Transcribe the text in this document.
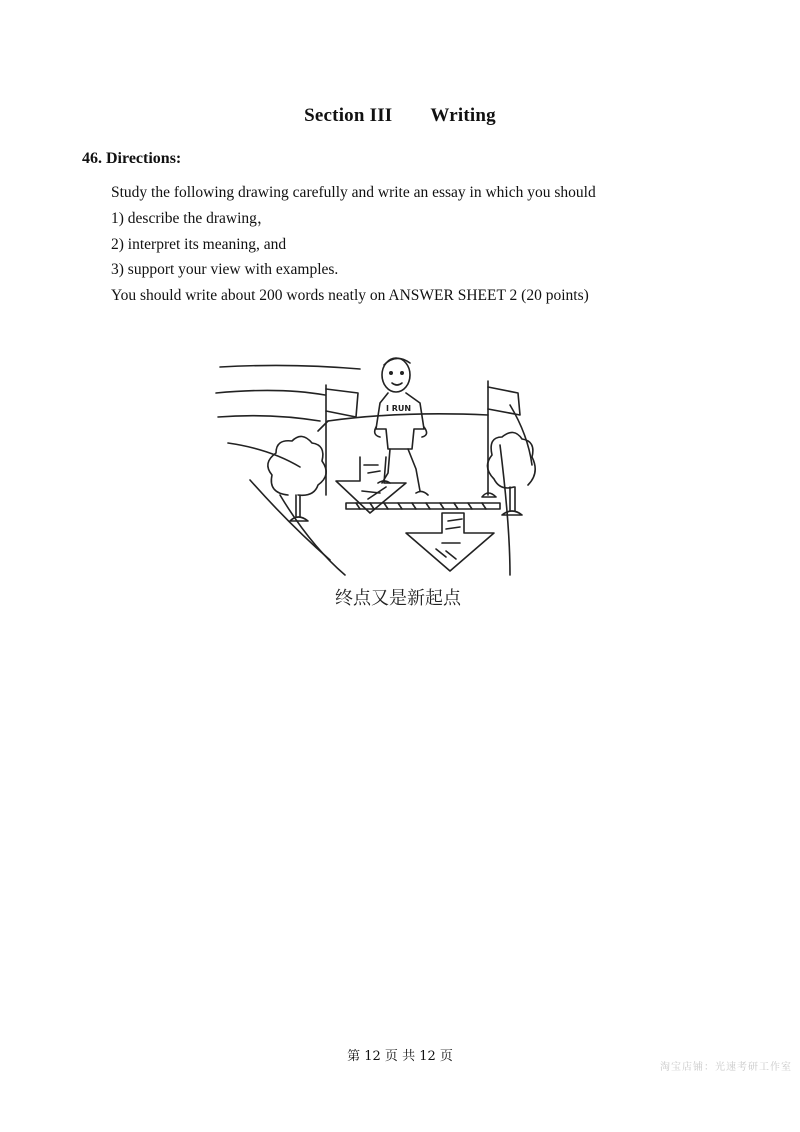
Section III Writing
46. Directions:
Study the following drawing carefully and write an essay in which you should
1) describe the drawing，
2) interpret its meaning, and
3) support your view with examples.
You should write about 200 words neatly on ANSWER SHEET 2 (20 points)
I RUN
终点又是新起点
第 12 页 共 12 页
淘宝店铺：光速考研工作室
